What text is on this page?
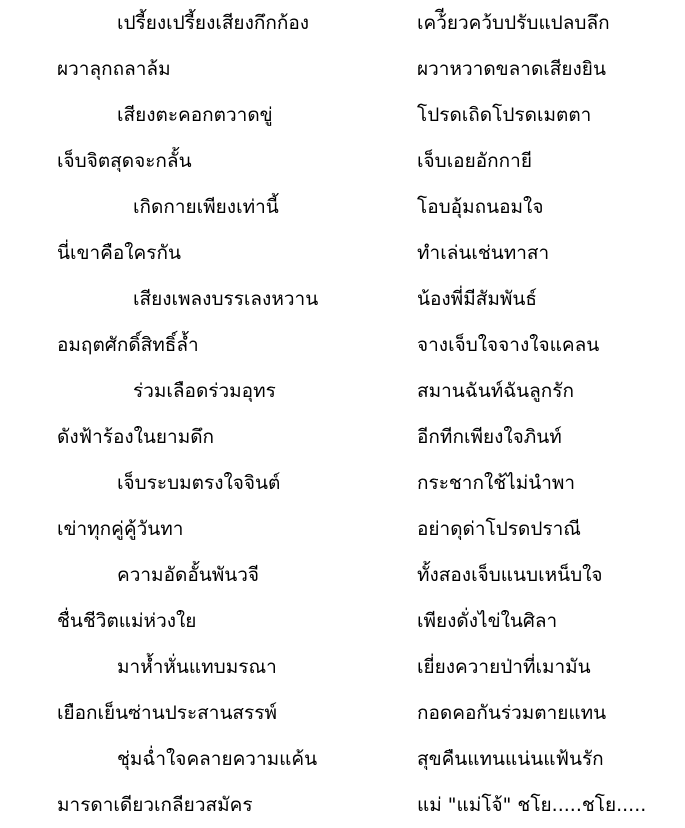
เปรี้ยงเปรี้ยงเสียงกึกก้อง	เคว้ียวคว้บปรับแปลบลึก
ผวาลุกถลาล้ม	ผวาหวาดขลาดเสียงยิน
เสียงตะคอกตวาดขู่	โปรดเถิดโปรดเมตตา
เจ็บจิตสุดจะกลั้น	เจ็บเอยอักกายี
เกิดกายเพียงเท่านี้	โอบอุ้มถนอมใจ
นี่เขาคือใครกัน	ทำเล่นเช่นทาสา
เสียงเพลงบรรเลงหวาน	น้องพี่มีสัมพันธ์
อมฤตศักดิ์สิทธิ์ล้ำ	จางเจ็บใจจางใจแคลน
ร่วมเลือดร่วมอุทร	สมานฉันท์ฉันลูกรัก
ดังฟ้าร้องในยามดึก	อีกทีกเพียงใจภินท์
เจ็บระบมตรงใจจินต์	กระชากใช้ไม่นำพา
เข่าทุกคู่คู้วันทา	อย่าดุด่าโปรดปราณี
ความอัดอั้นพันวจี	ทั้งสองเจ็บแนบเหน็บใจ
ชื่นชีวิตแม่ห่วงใย	เพียงดั่งไข่ในศิลา
มาห้ำหั่นแทบมรณา	เยี่ยงควายป่าที่เมามัน
เยือกเย็นซ่านประสานสรรพ์	กอดคอกันร่วมตายแทน
ชุ่มฉ่ำใจคลายความแค้น	สุขคืนแทนแน่นแฟ้นรัก
มารดาเดียวเกลียวสมัคร	แม่ "แม่โจ้" ชโย.....ชโย.....
